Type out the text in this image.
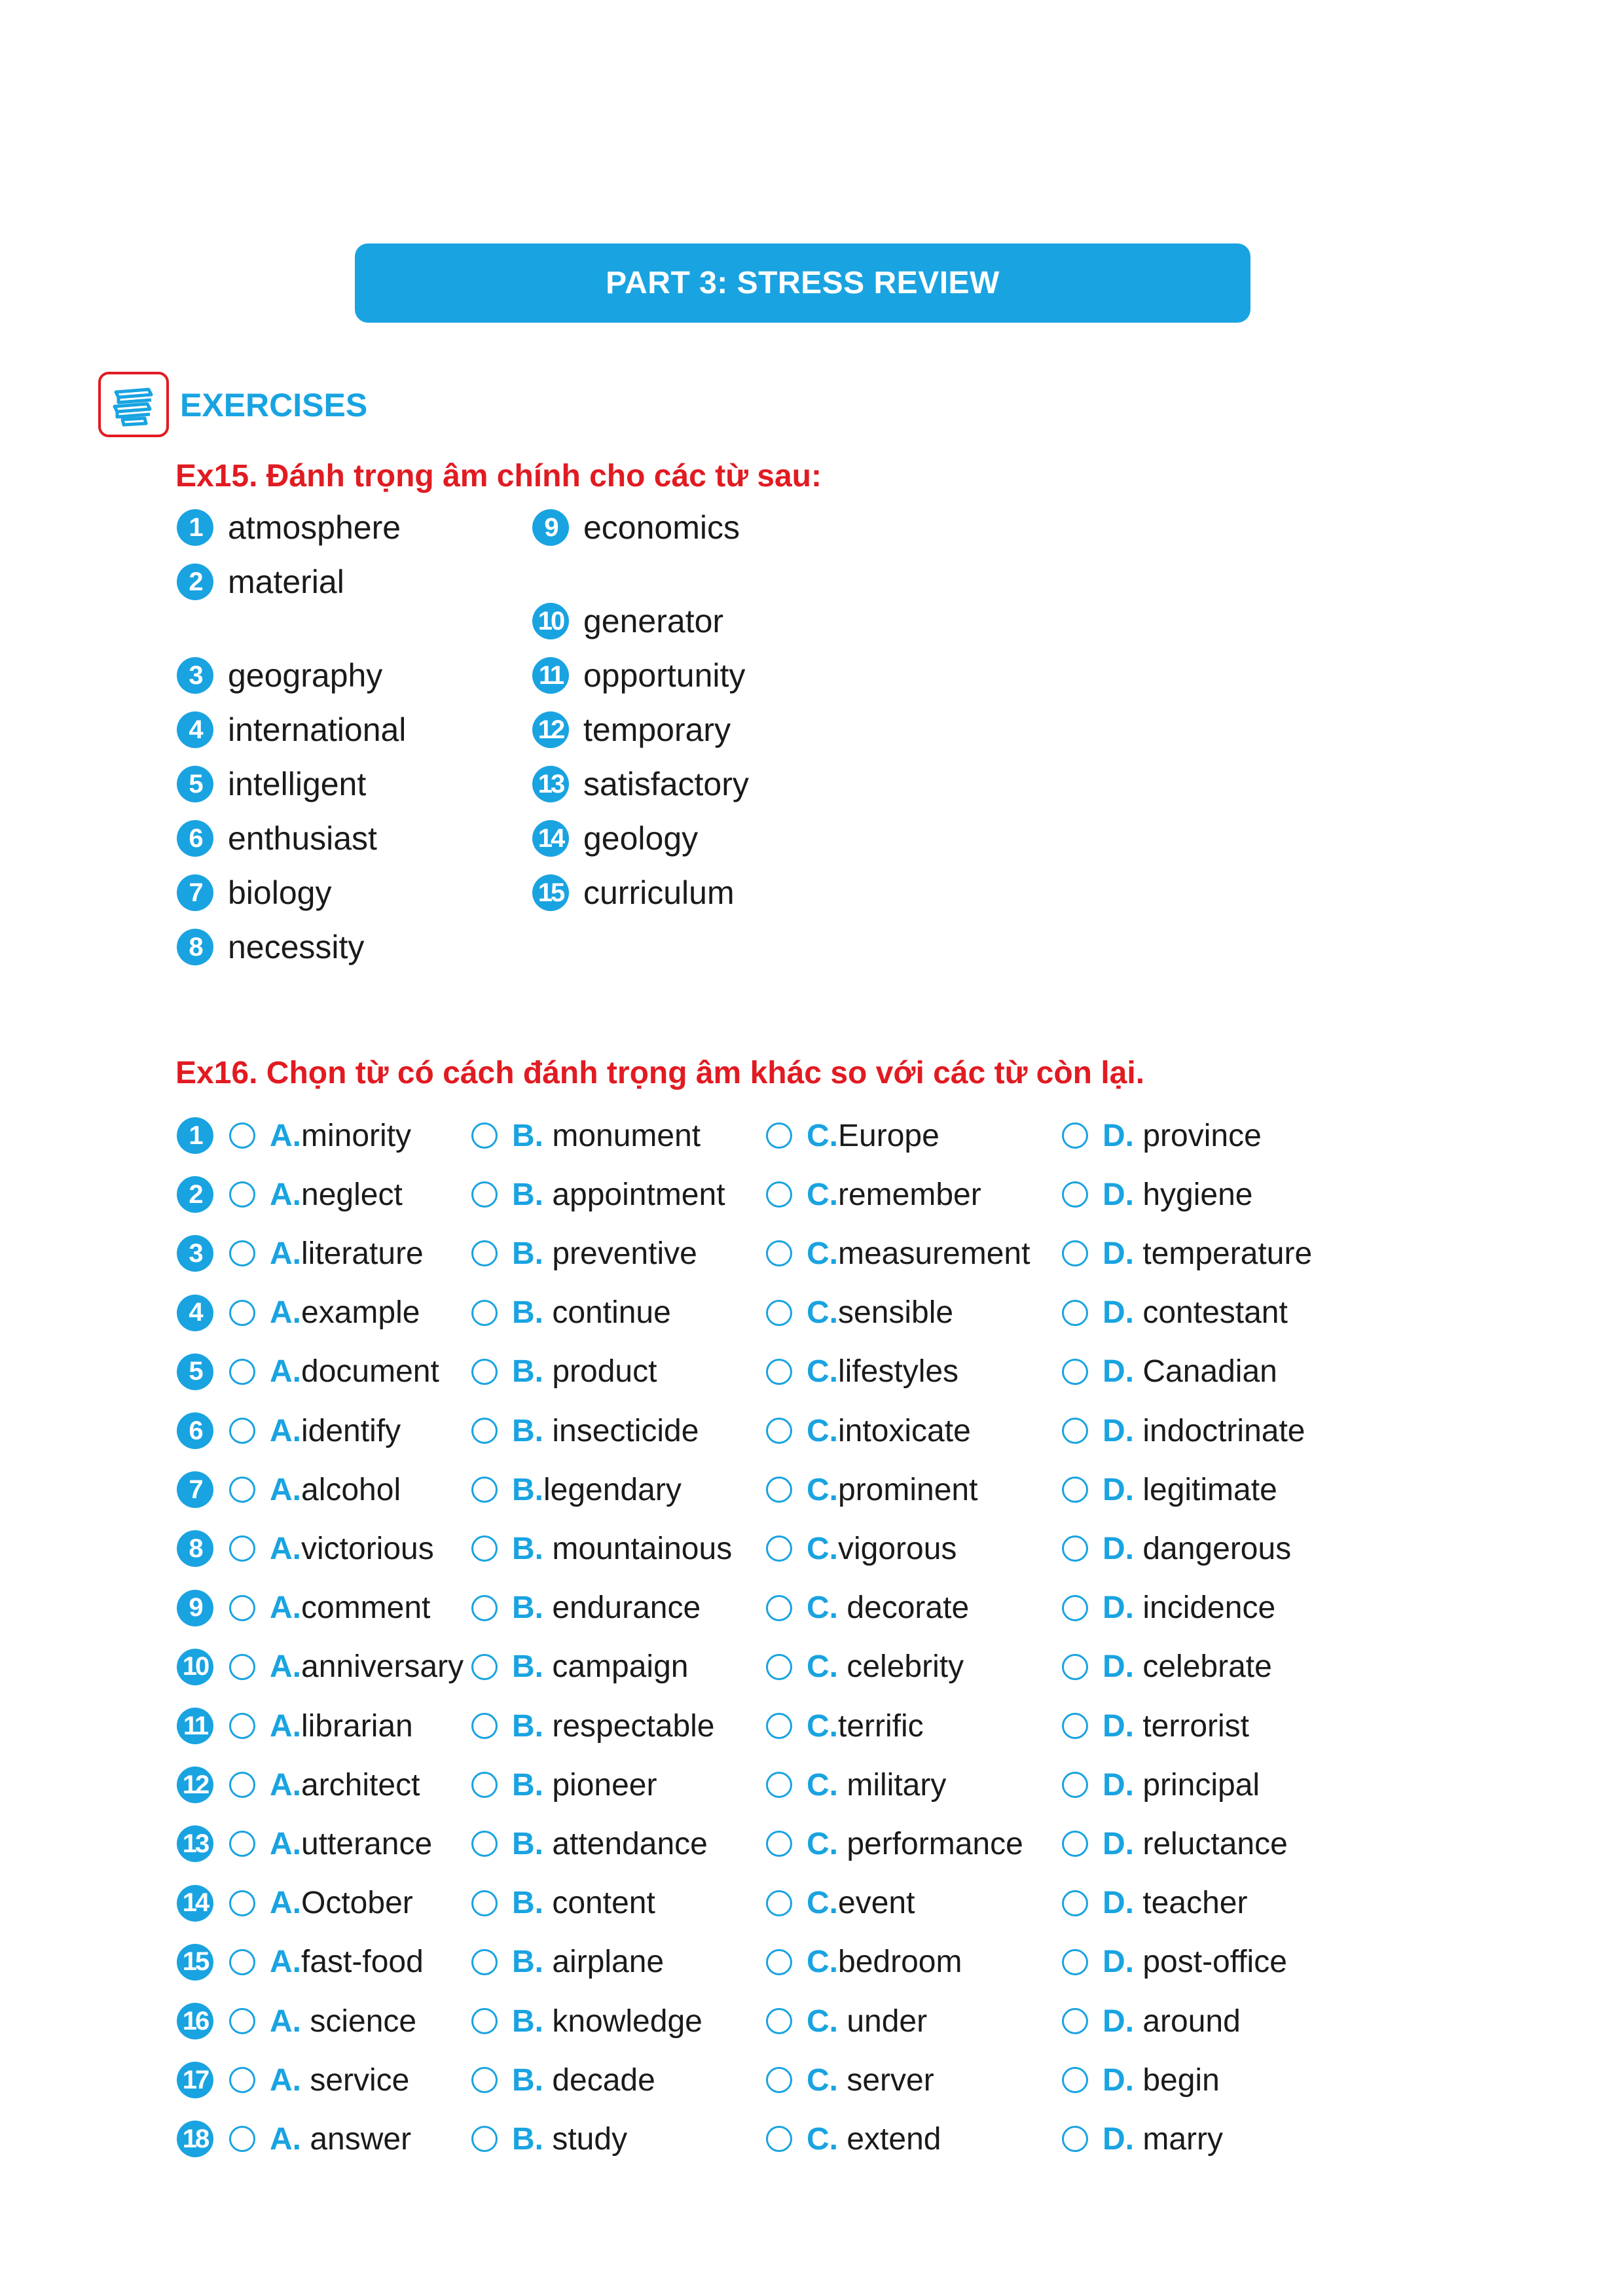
PART 3: STRESS REVIEW
EXERCISES
Ex15. Đánh trọng âm chính cho các từ sau:
1 atmosphere
2 material
3 geography
4 international
5 intelligent
6 enthusiast
7 biology
8 necessity
9 economics
10 generator
11 opportunity
12 temporary
13 satisfactory
14 geology
15 curriculum
Ex16. Chọn từ có cách đánh trọng âm khác so với các từ còn lại.
1	A. minority	B. monument	C. Europe	D. province
2	A. neglect	B. appointment	C. remember	D. hygiene
3	A. literature	B. preventive	C. measurement D. temperature
4	A. example	B. continue	C. sensible	D. contestant
5	A. document B. product	C. lifestyles	D. Canadian
6	A. identify	B. insecticide	C. intoxicate	D. indoctrinate
7	A. alcohol	B. legendary	C. prominent	D. legitimate
8	A. victorious B. mountainous C. vigorous	D. dangerous
9	A. comment	B. endurance	C. decorate	D. incidence
10 A. anniversary B. campaign	C. celebrity	D. celebrate
11 A. librarian	B. respectable	C. terrific	D. terrorist
12 A. architect	B. pioneer	C. military	D. principal
13 A. utterance	B. attendance	C. performance	D. reluctance
14 A. October	B. content	C. event	D. teacher
15 A. fast-food	B. airplane	C. bedroom	D. post-office
16 A. science	B. knowledge	C. under	D. around
17 A. service	B. decade	C. server	D. begin
18 A. answer	B. study	C. extend	D. marry
